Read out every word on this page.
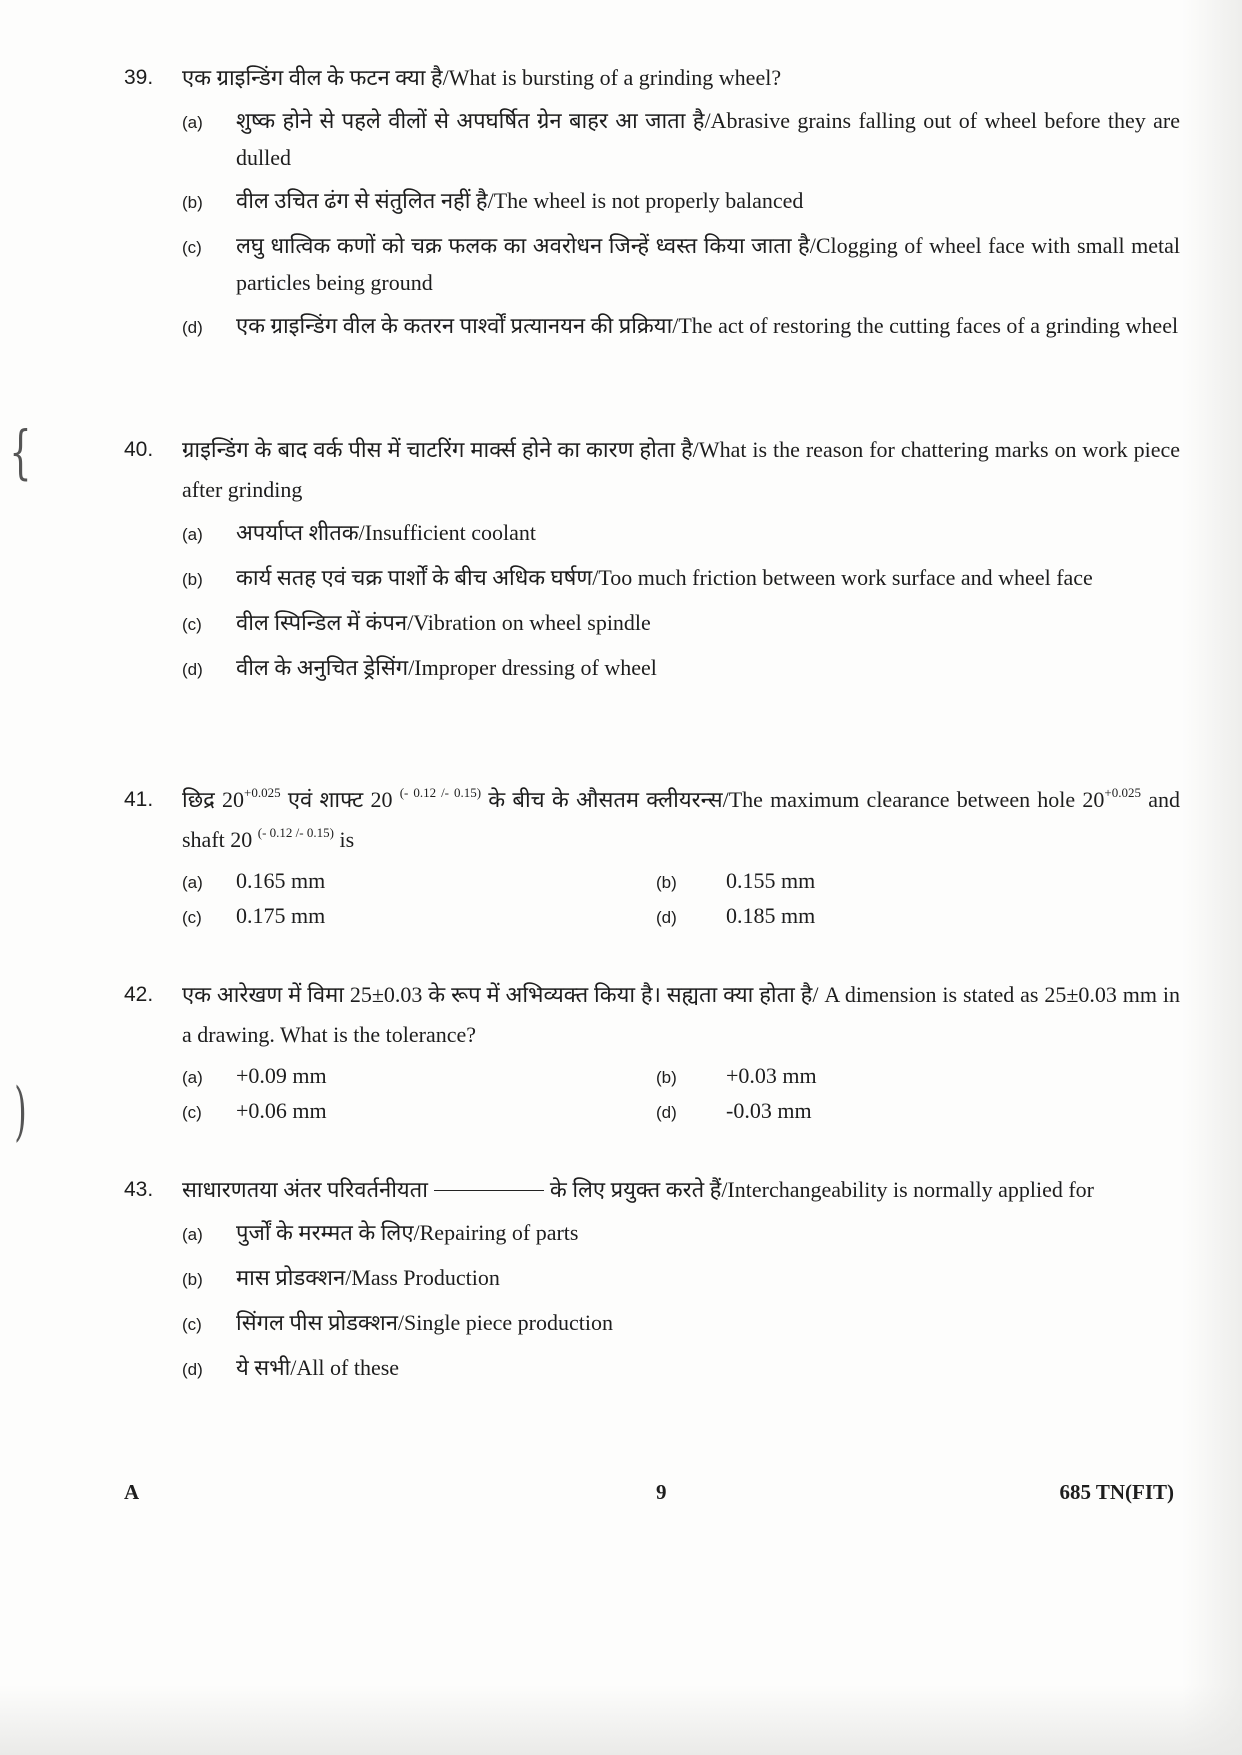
{
)
39.	एक ग्राइन्डिंग वील के फटन क्या है/What is bursting of a grinding wheel?
(a)	शुष्क होने से पहले वीलों से अपघर्षित ग्रेन बाहर आ जाता है/Abrasive grains falling out of wheel before they are dulled
(b)	वील उचित ढंग से संतुलित नहीं है/The wheel is not properly balanced
(c)	लघु धात्विक कणों को चक्र फलक का अवरोधन जिन्हें ध्वस्त किया जाता है/Clogging of wheel face with small metal particles being ground
(d)	एक ग्राइन्डिंग वील के कतरन पार्श्वों प्रत्यानयन की प्रक्रिया/The act of restoring the cutting faces of a grinding wheel
40.	ग्राइन्डिंग के बाद वर्क पीस में चाटरिंग मार्क्स होने का कारण होता है/What is the reason for chattering marks on work piece after grinding
(a)	अपर्याप्त शीतक/Insufficient coolant
(b)	कार्य सतह एवं चक्र पार्शों के बीच अधिक घर्षण/Too much friction between work surface and wheel face
(c)	वील स्पिन्डिल में कंपन/Vibration on wheel spindle
(d)	वील के अनुचित ड्रेसिंग/Improper dressing of wheel
41.	छिद्र $20^{+0.025}$ एवं शाफ्ट 20 $^{(- 0.12 /- 0.15)}$ के बीच के औसतम क्लीयरन्स/The maximum clearance between hole $20^{+0.025}$ and shaft 20 $^{(- 0.12 /- 0.15)}$ is
(a)	0.165 mm	(b)	0.155 mm
(c)	0.175 mm	(d)	0.185 mm
42.	एक आरेखण में विमा 25±0.03 के रूप में अभिव्यक्त किया है। सह्यता क्या होता है/ A dimension is stated as 25±0.03 mm in a drawing. What is the tolerance?
(a)	+0.09 mm	(b)	+0.03 mm
(c)	+0.06 mm	(d)	-0.03 mm
43.	साधारणतया अंतर परिवर्तनीयता	के लिए प्रयुक्त करते हैं/Interchangeability is normally applied for
(a)	पुर्जों के मरम्मत के लिए/Repairing of parts
(b)	मास प्रोडक्शन/Mass Production
(c)	सिंगल पीस प्रोडक्शन/Single piece production
(d)	ये सभी/All of these
A	9	685 TN(FIT)
